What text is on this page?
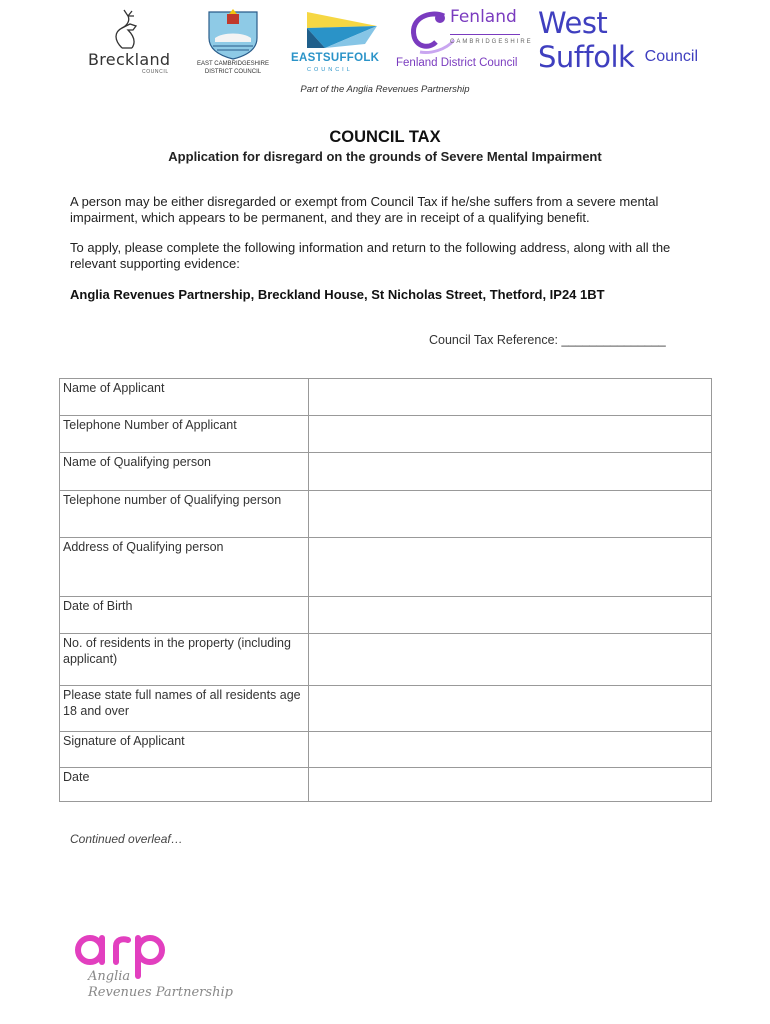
Breckland
COUNCIL
EAST CAMBRIDGESHIRE
DISTRICT COUNCIL
EASTSUFFOLK
COUNCIL
Fenland
CAMBRIDGESHIRE
Fenland District Council
West Suffolk Council
Part of the Anglia Revenues Partnership
COUNCIL TAX
Application for disregard on the grounds of Severe Mental Impairment
A person may be either disregarded or exempt from Council Tax if he/she suffers from a severe mental impairment, which appears to be permanent, and they are in receipt of a qualifying benefit.
To apply, please complete the following information and return to the following address, along with all the relevant supporting evidence:
Anglia Revenues Partnership, Breckland House, St Nicholas Street, Thetford, IP24 1BT
Council Tax Reference: _______________
Name of Applicant	
Telephone Number of Applicant	
Name of Qualifying person	
Telephone number of Qualifying person	
Address of Qualifying person	
Date of Birth	
No. of residents in the property (including applicant)	
Please state full names of all residents age 18 and over	
Signature of Applicant	
Date	
Continued overleaf…
Anglia
Revenues Partnership
